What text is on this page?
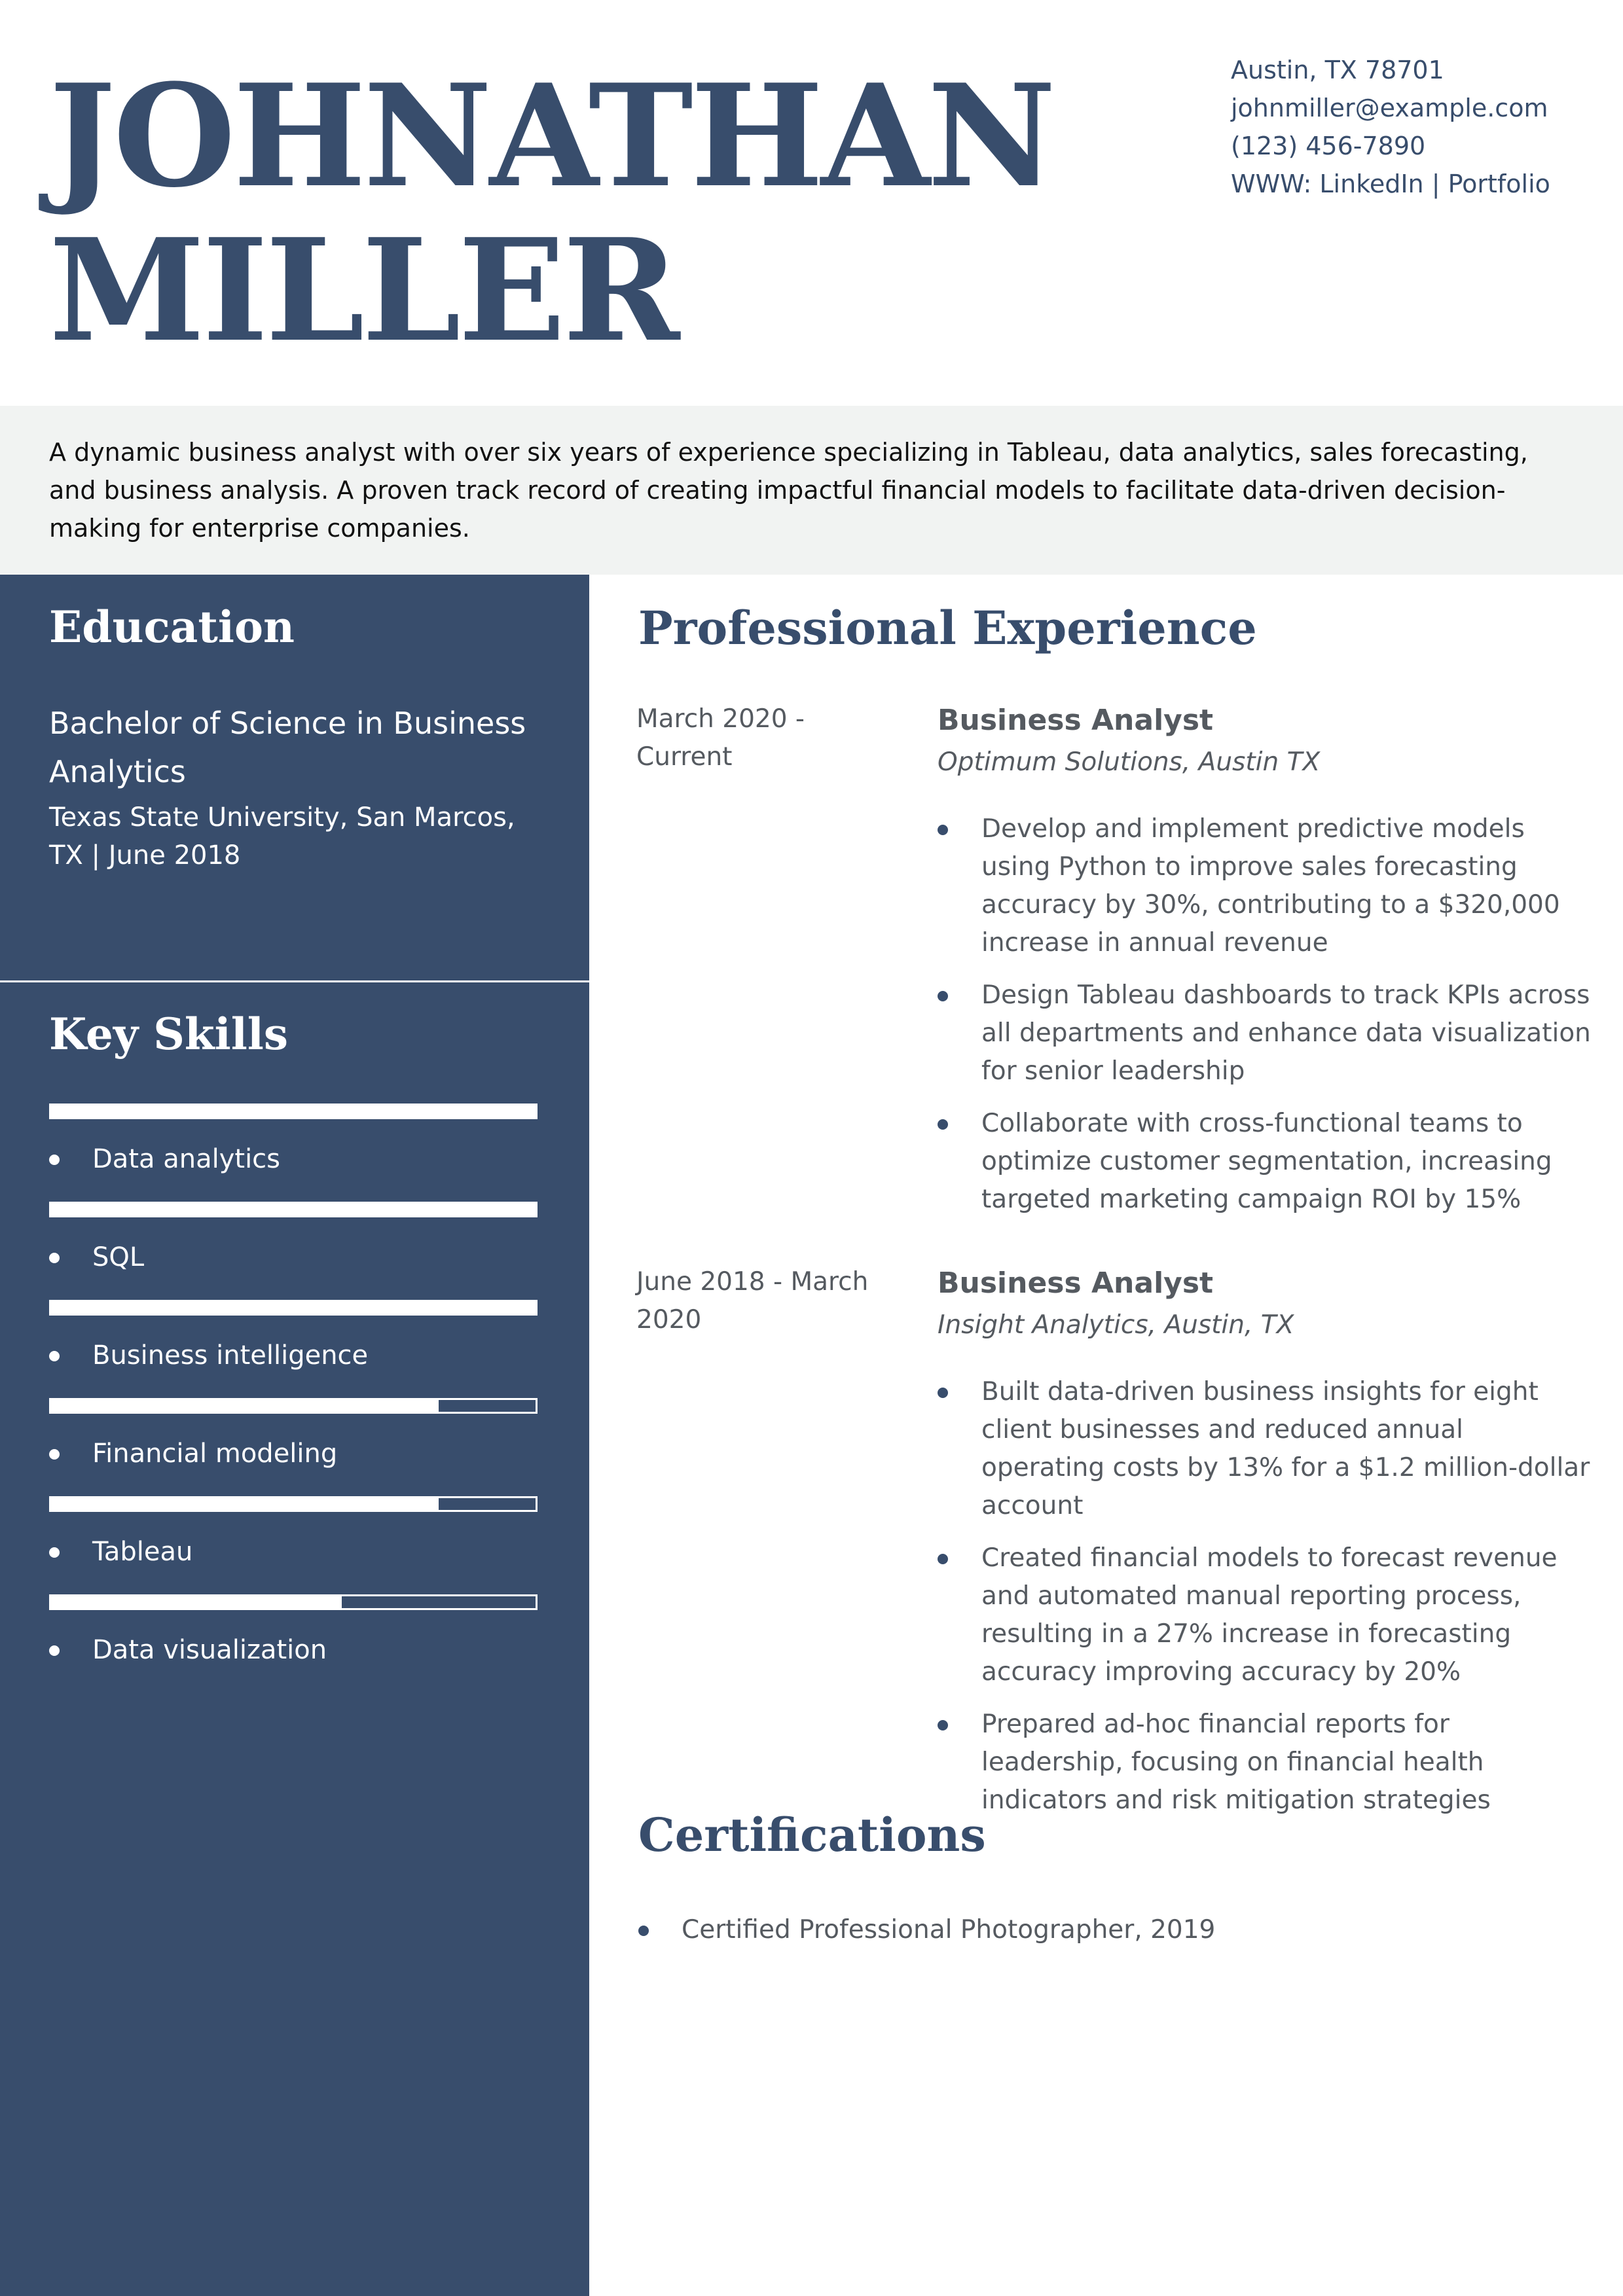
JOHNATHAN
MILLER
Austin, TX 78701
johnmiller@example.com
(123) 456-7890
WWW: LinkedIn | Portfolio

A dynamic business analyst with over six years of experience specializing in Tableau, data analytics, sales forecasting, and business analysis. A proven track record of creating impactful financial models to facilitate data-driven decision-making for enterprise companies.

Education
Bachelor of Science in Business Analytics
Texas State University, San Marcos, TX | June 2018
Key Skills
Data analytics
SQL
Business intelligence
Financial modeling
Tableau
Data visualization
Professional Experience
March 2020 - Current
Business Analyst
Optimum Solutions, Austin TX
Develop and implement predictive models using Python to improve sales forecasting accuracy by 30%, contributing to a $320,000 increase in annual revenue
Design Tableau dashboards to track KPIs across all departments and enhance data visualization for senior leadership
Collaborate with cross-functional teams to optimize customer segmentation, increasing targeted marketing campaign ROI by 15%
June 2018 - March 2020
Business Analyst
Insight Analytics, Austin, TX
Built data-driven business insights for eight client businesses and reduced annual operating costs by 13% for a $1.2 million-dollar account
Created financial models to forecast revenue and automated manual reporting process, resulting in a 27% increase in forecasting accuracy improving accuracy by 20%
Prepared ad-hoc financial reports for leadership, focusing on financial health indicators and risk mitigation strategies
Certifications
Certified Professional Photographer, 2019
